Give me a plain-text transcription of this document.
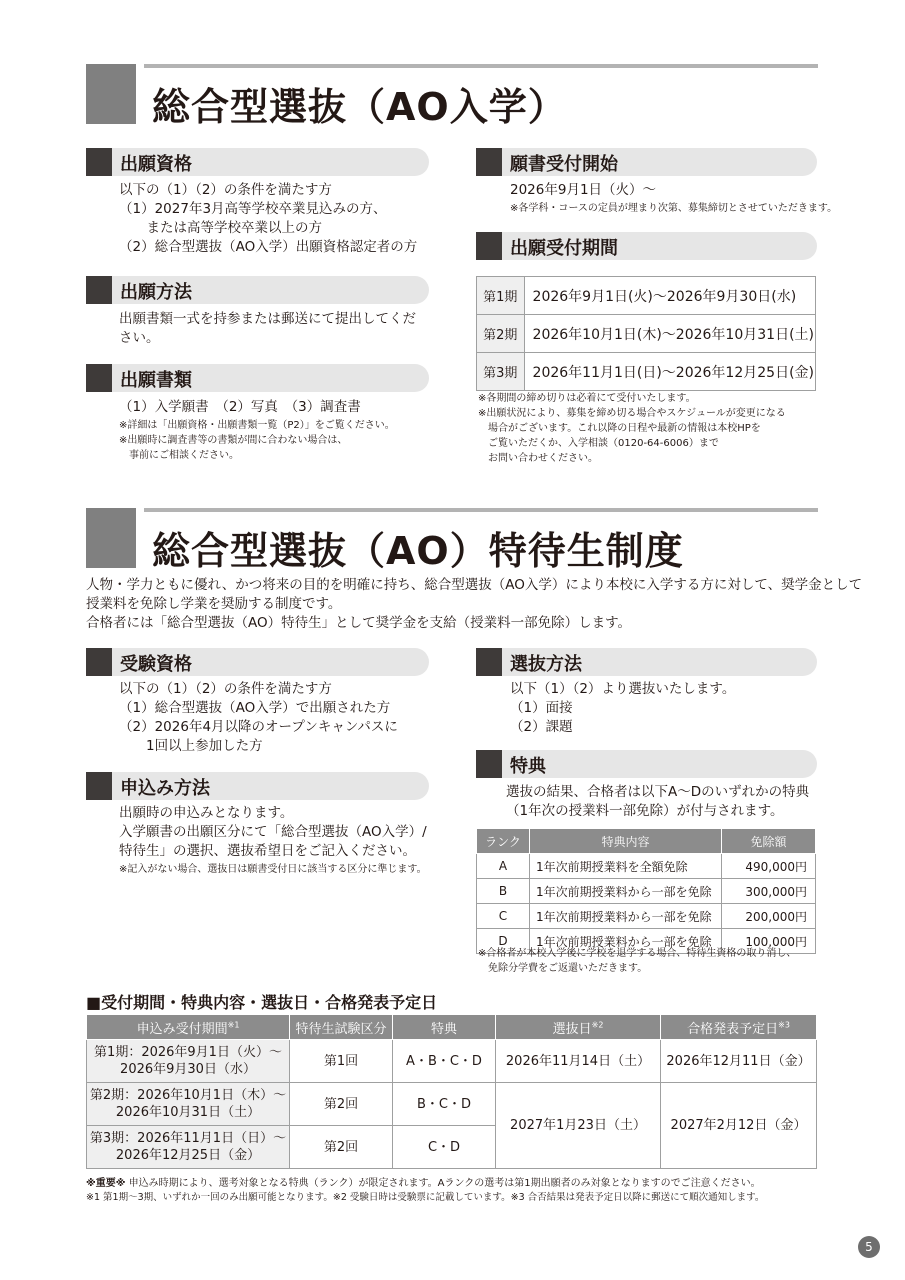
総合型選抜（AO入学）
出願資格
以下の（1）（2）の条件を満たす方
（1）2027年3月高等学校卒業見込みの方、
　または高等学校卒業以上の方
（2）総合型選抜（AO入学）出願資格認定者の方
出願方法
出願書類一式を持参または郵送にて提出してくだ
さい。
出願書類
（1）入学願書　（2）写真　（3）調査書
※詳細は「出願資格・出願書類一覧（P2）」をご覧ください。
※出願時に調査書等の書類が間に合わない場合は、
　事前にご相談ください。
願書受付開始
2026年9月1日（火）～
※各学科・コースの定員が埋まり次第、募集締切とさせていただきます。
出願受付期間
第1期	2026年9月1日(火)～2026年9月30日(水)
第2期	2026年10月1日(木)～2026年10月31日(土)
第3期	2026年11月1日(日)～2026年12月25日(金)
※各期間の締め切りは必着にて受付いたします。
※出願状況により、募集を締め切る場合やスケジュールが変更になる
　場合がございます。これ以降の日程や最新の情報は本校HPを
　ご覧いただくか、入学相談（0120-64-6006）まで
　お問い合わせください。
総合型選抜（AO）特待生制度
人物・学力ともに優れ、かつ将来の目的を明確に持ち、総合型選抜（AO入学）により本校に入学する方に対して、奨学金として
授業料を免除し学業を奨励する制度です。
合格者には「総合型選抜（AO）特待生」として奨学金を支給（授業料一部免除）します。
受験資格
以下の（1）（2）の条件を満たす方
（1）総合型選抜（AO入学）で出願された方
（2）2026年4月以降のオープンキャンパスに
　　1回以上参加した方
申込み方法
出願時の申込みとなります。
入学願書の出願区分にて「総合型選抜（AO入学）/
特待生」の選択、選抜希望日をご記入ください。
※記入がない場合、選抜日は願書受付日に該当する区分に準じます。
選抜方法
以下（1）（2）より選抜いたします。
（1）面接
（2）課題
特典
選抜の結果、合格者は以下A～Dのいずれかの特典
（1年次の授業料一部免除）が付与されます。
ランク	特典内容	免除額
A	1年次前期授業料を全額免除	490,000円
B	1年次前期授業料から一部を免除	300,000円
C	1年次前期授業料から一部を免除	200,000円
D	1年次前期授業料から一部を免除	100,000円
※合格者が本校入学後に学校を退学する場合、特待生資格の取り消し、
　免除分学費をご返還いただきます。
■受付期間・特典内容・選抜日・合格発表予定日
申込み受付期間$^{※1}$	特待生試験区分	特典	選抜日$^{※2}$	合格発表予定日$^{※3}$

第1期：2026年9月1日（火）～
2026年9月30日（水）	第1回	A・B・C・D	2026年11月14日（土）	2026年12月11日（金）

第2期：2026年10月1日（木）～
2026年10月31日（土）	第2回	B・C・D	2027年1月23日（土）	2027年2月12日（金）

第3期：2026年11月1日（日）～
2026年12月25日（金）	第2回	C・D		
※重要※ 申込み時期により、選考対象となる特典（ランク）が限定されます。Aランクの選考は第1期出願者のみ対象となりますのでご注意ください。
※1 第1期～3期、いずれか一回のみ出願可能となります。※2 受験日時は受験票に記載しています。※3 合否結果は発表予定日以降に郵送にて順次通知します。
5
